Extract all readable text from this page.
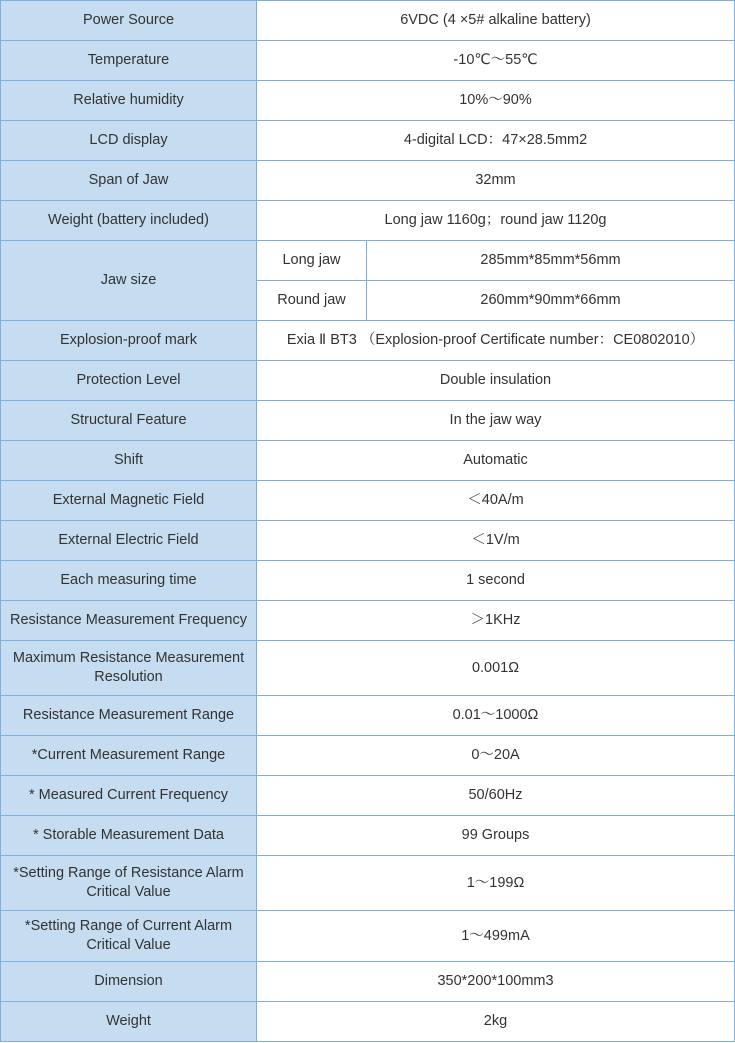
Power Source	6VDC (4 ×5# alkaline battery)	
Temperature	-10℃～55℃	
Relative humidity	10%～90%	
LCD display	4-digital LCD：47×28.5mm2	
Span of Jaw	32mm	
Weight (battery included)	Long jaw 1160g；round jaw 1120g	
Jaw size	Long jaw	285mm*85mm*56mm
	Round jaw	260mm*90mm*66mm
Explosion-proof mark	Exia Ⅱ BT3 （Explosion-proof Certificate number：CE0802010）	
Protection Level	Double insulation	
Structural Feature	In the jaw way	
Shift	Automatic	
External Magnetic Field	＜40A/m	
External Electric Field	＜1V/m	
Each measuring time	1 second	
Resistance Measurement Frequency	＞1KHz	
Maximum Resistance Measurement Resolution	0.001Ω	
Resistance Measurement Range	0.01～1000Ω	
*Current Measurement Range	0～20A	
* Measured Current Frequency	50/60Hz	
* Storable Measurement Data	99 Groups	
*Setting Range of Resistance Alarm Critical Value	1～199Ω	
*Setting Range of Current Alarm Critical Value	1～499mA	
Dimension	350*200*100mm3	
Weight	2kg	
